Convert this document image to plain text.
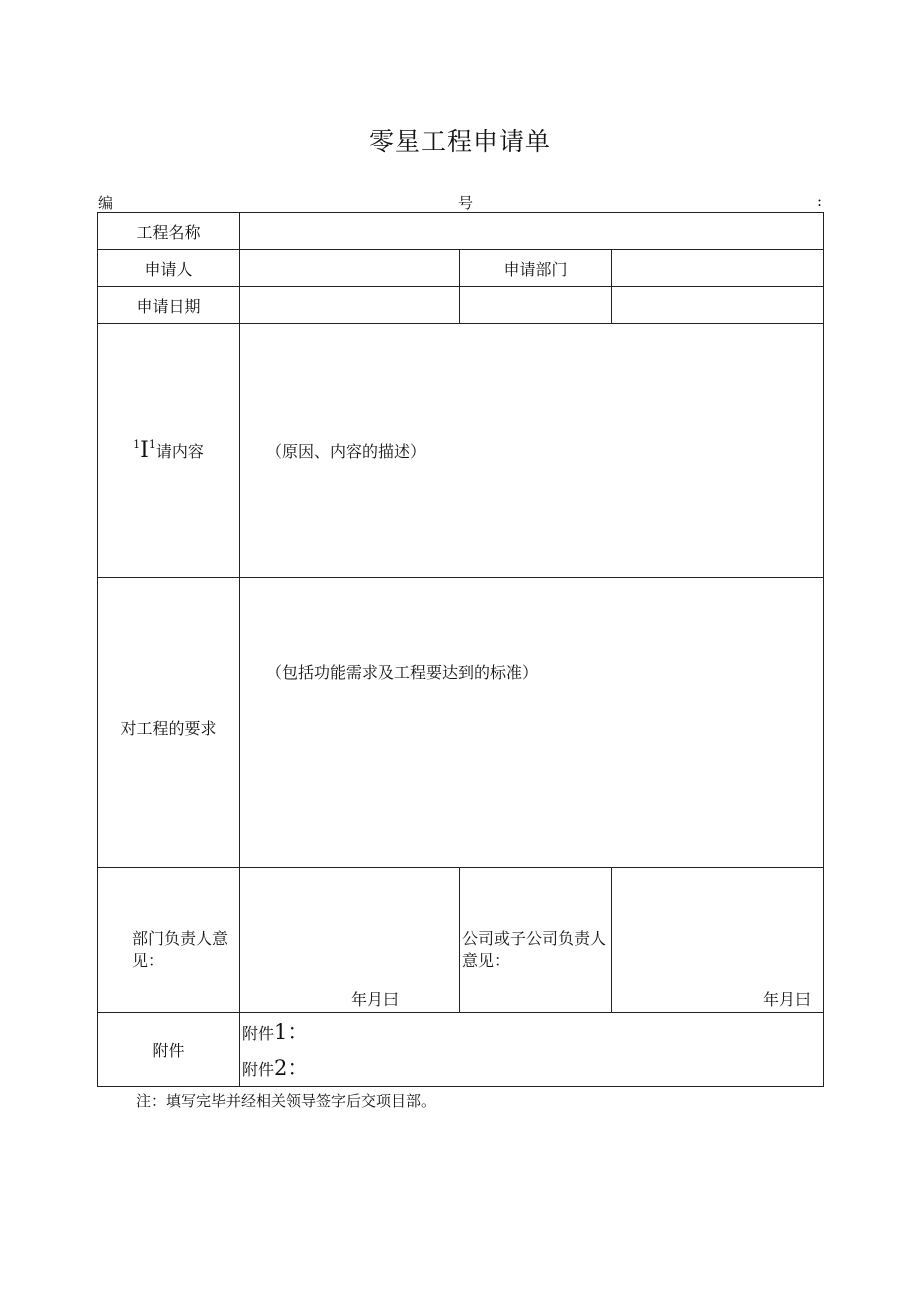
零星工程申请单
编	号	:
工程名称			
申请人		申请部门	
申请日期			
$^1I^1$请内容	（原因、内容的描述）		
对工程的要求	（包括功能需求及工程要达到的标准）		

部门负责人意见：	年月曰	公司或子公司负责人意见：	年月曰

附件	附件1：
附件2：		
注：填写完毕并经相关领导签字后交项目部。
